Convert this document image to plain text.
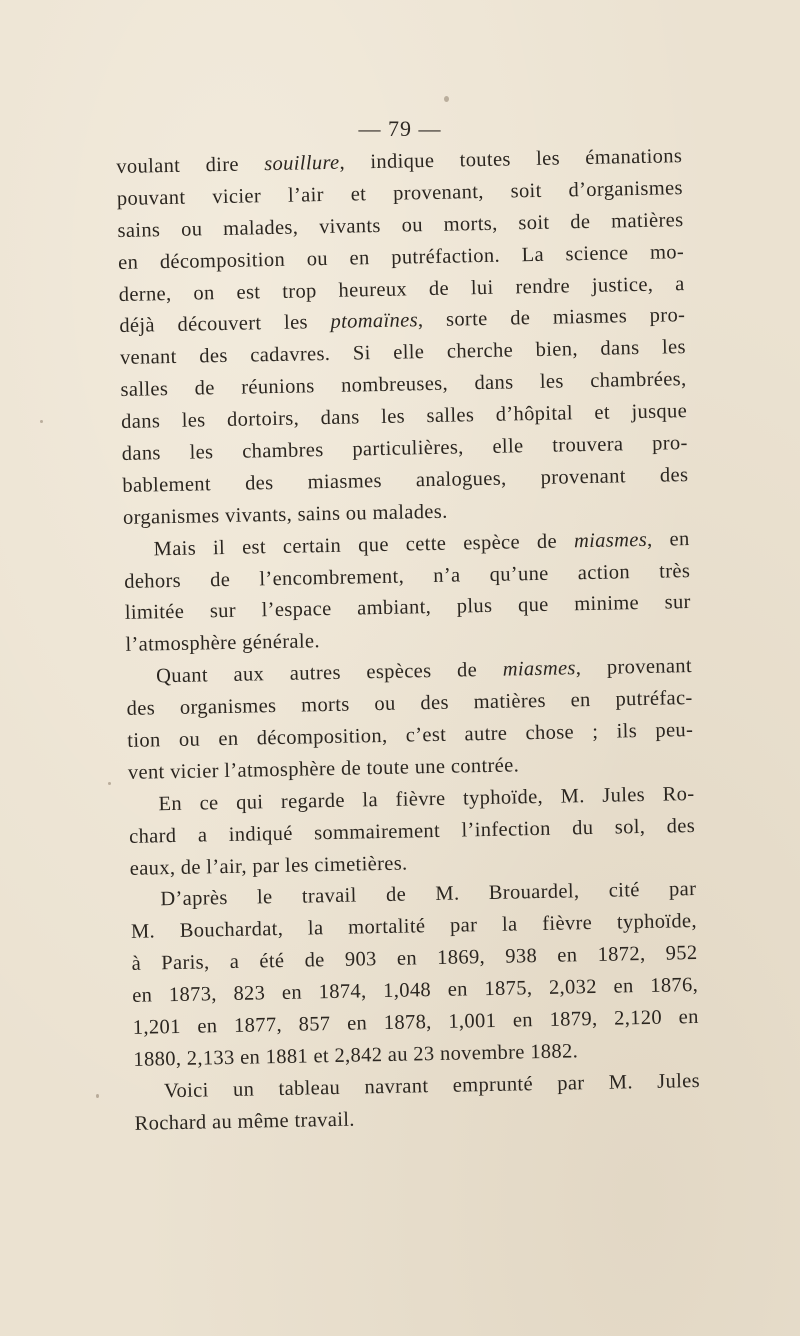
— 79 —
voulant dire souillure, indique toutes les émanations
pouvant vicier l’air et provenant, soit d’organismes
sains ou malades, vivants ou morts, soit de matières
en décomposition ou en putréfaction. La science mo-
derne, on est trop heureux de lui rendre justice, a
déjà découvert les ptomaïnes, sorte de miasmes pro-
venant des cadavres. Si elle cherche bien, dans les
salles de réunions nombreuses, dans les chambrées,
dans les dortoirs, dans les salles d’hôpital et jusque
dans les chambres particulières, elle trouvera pro-
bablement des miasmes analogues, provenant des
organismes vivants, sains ou malades.
Mais il est certain que cette espèce de miasmes, en
dehors de l’encombrement, n’a qu’une action très
limitée sur l’espace ambiant, plus que minime sur
l’atmosphère générale.
Quant aux autres espèces de miasmes, provenant
des organismes morts ou des matières en putréfac-
tion ou en décomposition, c’est autre chose ; ils peu-
vent vicier l’atmosphère de toute une contrée.
En ce qui regarde la fièvre typhoïde, M. Jules Ro-
chard a indiqué sommairement l’infection du sol, des
eaux, de l’air, par les cimetières.
D’après le travail de M. Brouardel, cité par
M. Bouchardat, la mortalité par la fièvre typhoïde,
à Paris, a été de 903 en 1869, 938 en 1872, 952
en 1873, 823 en 1874, 1,048 en 1875, 2,032 en 1876,
1,201 en 1877, 857 en 1878, 1,001 en 1879, 2,120 en
1880, 2,133 en 1881 et 2,842 au 23 novembre 1882.
Voici un tableau navrant emprunté par M. Jules
Rochard au même travail.
